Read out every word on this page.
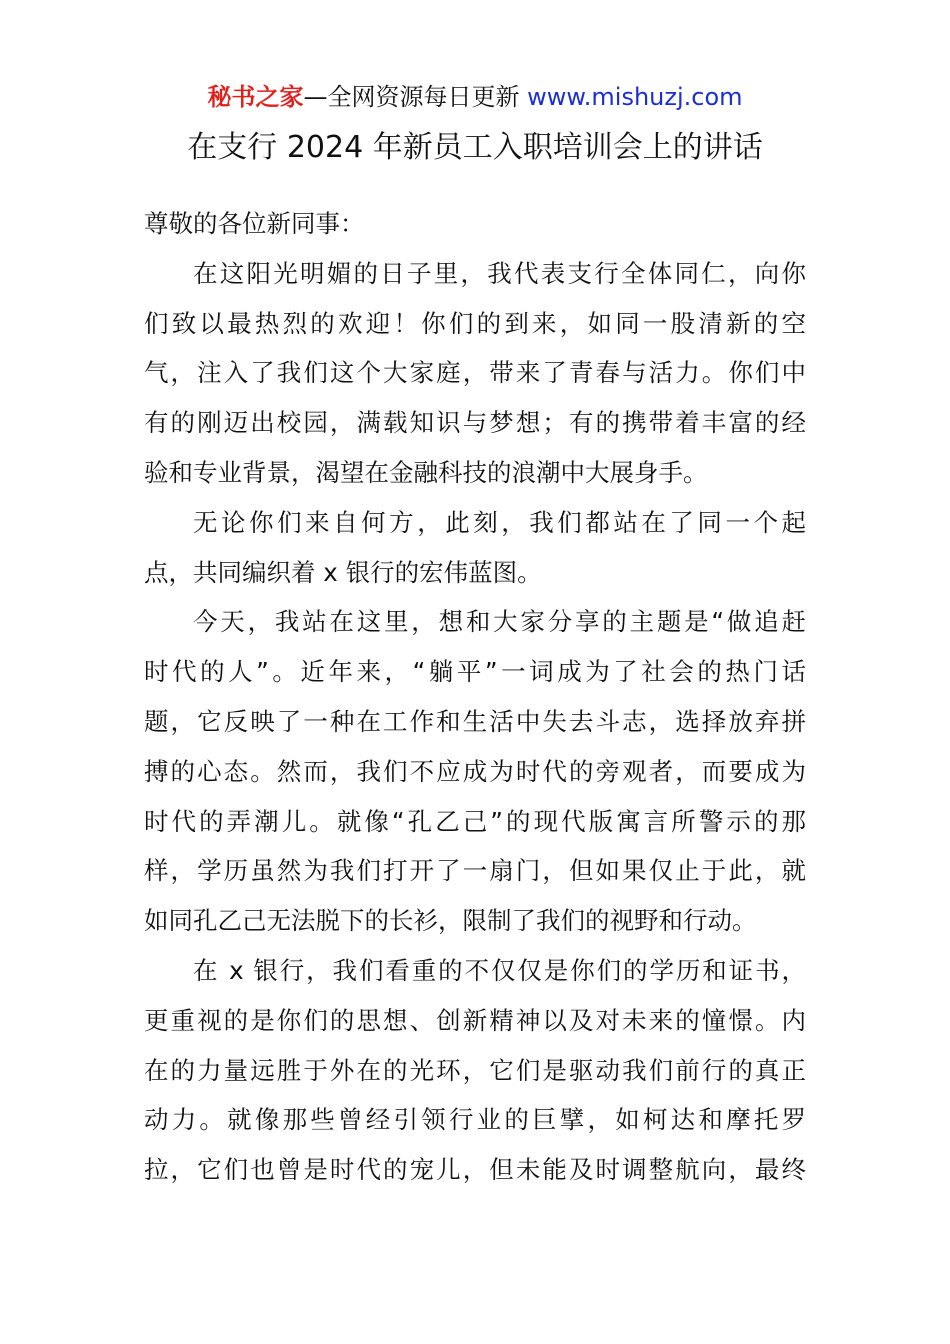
秘书之家—全网资源每日更新 www.mishuzj.com
在支行 2024 年新员工入职培训会上的讲话
尊敬的各位新同事：
在这阳光明媚的日子里，我代表支行全体同仁，向你
们致以最热烈的欢迎！你们的到来，如同一股清新的空
气，注入了我们这个大家庭，带来了青春与活力。你们中
有的刚迈出校园，满载知识与梦想；有的携带着丰富的经
验和专业背景，渴望在金融科技的浪潮中大展身手。
无论你们来自何方，此刻，我们都站在了同一个起
点，共同编织着 x 银行的宏伟蓝图。
今天，我站在这里，想和大家分享的主题是“做追赶
时代的人”。近年来，“躺平”一词成为了社会的热门话
题，它反映了一种在工作和生活中失去斗志，选择放弃拼
搏的心态。然而，我们不应成为时代的旁观者，而要成为
时代的弄潮儿。就像“孔乙己”的现代版寓言所警示的那
样，学历虽然为我们打开了一扇门，但如果仅止于此，就
如同孔乙己无法脱下的长衫，限制了我们的视野和行动。
在 x 银行，我们看重的不仅仅是你们的学历和证书，
更重视的是你们的思想、创新精神以及对未来的憧憬。内
在的力量远胜于外在的光环，它们是驱动我们前行的真正
动力。就像那些曾经引领行业的巨擘，如柯达和摩托罗
拉，它们也曾是时代的宠儿，但未能及时调整航向，最终
